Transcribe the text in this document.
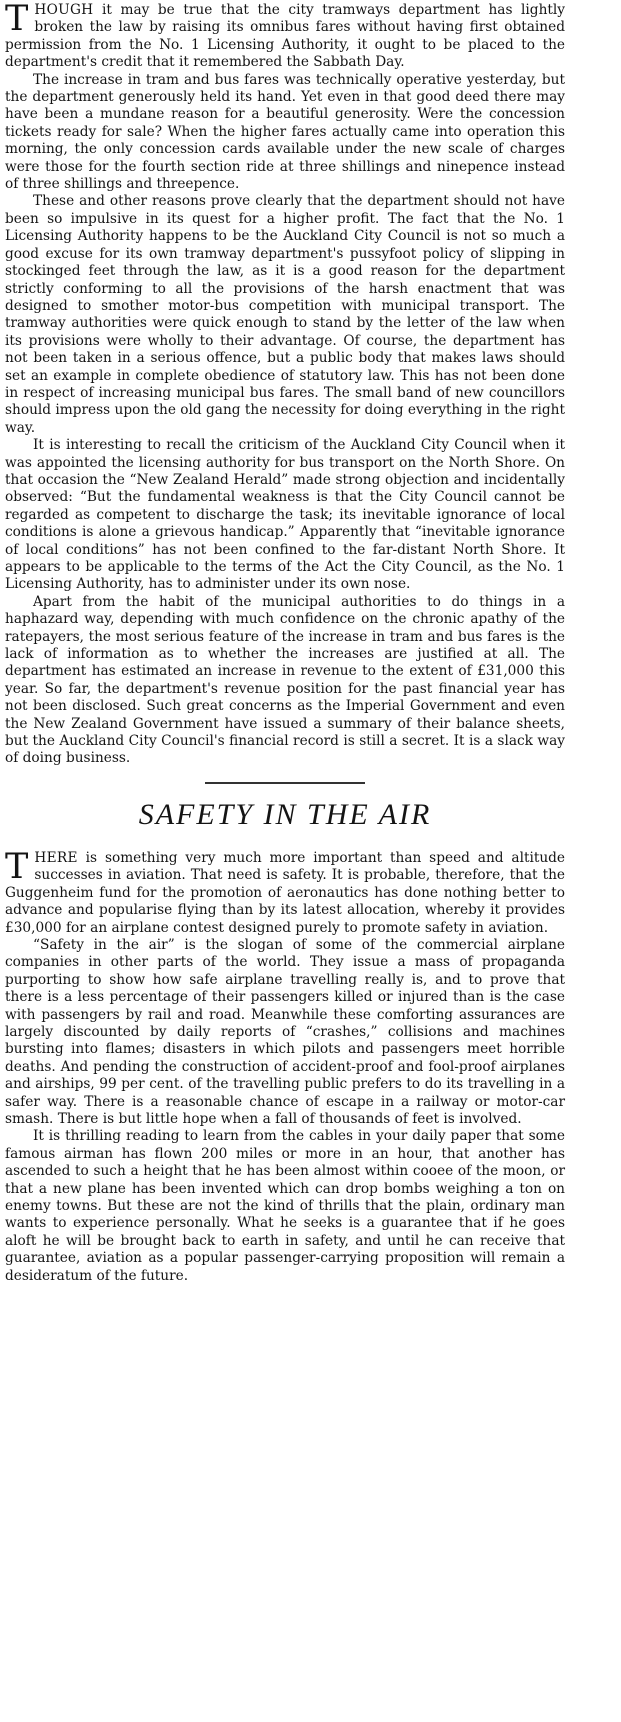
THOUGH it may be true that the city tramways department has lightly broken the law by raising its omnibus fares without having first obtained permission from the No. 1 Licensing Authority, it ought to be placed to the department's credit that it remembered the Sabbath Day.

The increase in tram and bus fares was technically operative yesterday, but the department generously held its hand. Yet even in that good deed there may have been a mundane reason for a beautiful generosity. Were the concession tickets ready for sale? When the higher fares actually came into operation this morning, the only concession cards available under the new scale of charges were those for the fourth section ride at three shillings and ninepence instead of three shillings and threepence.

These and other reasons prove clearly that the department should not have been so impulsive in its quest for a higher profit. The fact that the No. 1 Licensing Authority happens to be the Auckland City Council is not so much a good excuse for its own tramway department's pussyfoot policy of slipping in stockinged feet through the law, as it is a good reason for the department strictly conforming to all the provisions of the harsh enactment that was designed to smother motor-bus competition with municipal transport. The tramway authorities were quick enough to stand by the letter of the law when its provisions were wholly to their advantage. Of course, the department has not been taken in a serious offence, but a public body that makes laws should set an example in complete obedience of statutory law. This has not been done in respect of increasing municipal bus fares. The small band of new councillors should impress upon the old gang the necessity for doing everything in the right way.

It is interesting to recall the criticism of the Auckland City Council when it was appointed the licensing authority for bus transport on the North Shore. On that occasion the “New Zealand Herald” made strong objection and incidentally observed: “But the fundamental weakness is that the City Council cannot be regarded as competent to discharge the task; its inevitable ignorance of local conditions is alone a grievous handicap.” Apparently that “inevitable ignorance of local conditions” has not been confined to the far-distant North Shore. It appears to be applicable to the terms of the Act the City Council, as the No. 1 Licensing Authority, has to administer under its own nose.

Apart from the habit of the municipal authorities to do things in a haphazard way, depending with much confidence on the chronic apathy of the ratepayers, the most serious feature of the increase in tram and bus fares is the lack of information as to whether the increases are justified at all. The department has estimated an increase in revenue to the extent of £31,000 this year. So far, the department's revenue position for the past financial year has not been disclosed. Such great concerns as the Imperial Government and even the New Zealand Government have issued a summary of their balance sheets, but the Auckland City Council's financial record is still a secret. It is a slack way of doing business.

SAFETY IN THE AIR

THERE is something very much more important than speed and altitude successes in aviation. That need is safety. It is probable, therefore, that the Guggenheim fund for the promotion of aeronautics has done nothing better to advance and popularise flying than by its latest allocation, whereby it provides £30,000 for an airplane contest designed purely to promote safety in aviation.

“Safety in the air” is the slogan of some of the commercial airplane companies in other parts of the world. They issue a mass of propaganda purporting to show how safe airplane travelling really is, and to prove that there is a less percentage of their passengers killed or injured than is the case with passengers by rail and road. Meanwhile these comforting assurances are largely discounted by daily reports of “crashes,” collisions and machines bursting into flames; disasters in which pilots and passengers meet horrible deaths. And pending the construction of accident-proof and fool-proof airplanes and airships, 99 per cent. of the travelling public prefers to do its travelling in a safer way. There is a reasonable chance of escape in a railway or motor-car smash. There is but little hope when a fall of thousands of feet is involved.

It is thrilling reading to learn from the cables in your daily paper that some famous airman has flown 200 miles or more in an hour, that another has ascended to such a height that he has been almost within cooee of the moon, or that a new plane has been invented which can drop bombs weighing a ton on enemy towns. But these are not the kind of thrills that the plain, ordinary man wants to experience personally. What he seeks is a guarantee that if he goes aloft he will be brought back to earth in safety, and until he can receive that guarantee, aviation as a popular passenger-carrying proposition will remain a desideratum of the future.
